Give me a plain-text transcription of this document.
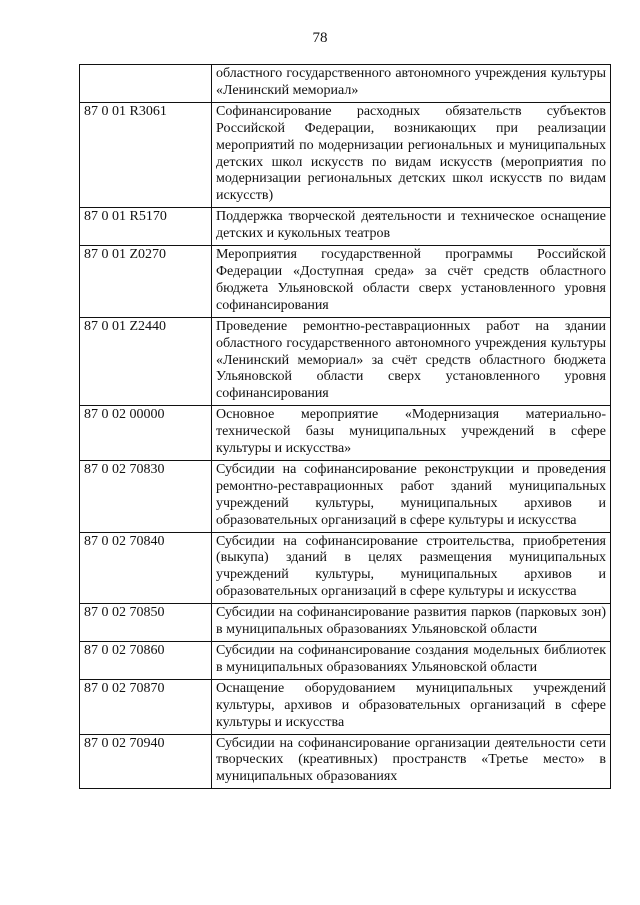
78
	областного государственного автономного учреждения культуры «Ленинский мемориал»
87 0 01 R3061	Софинансирование расходных обязательств субъектов Российской Федерации, возникающих при реализации мероприятий по модернизации региональных и муниципальных детских школ искусств по видам искусств (мероприятия по модернизации региональных детских школ искусств по видам искусств)
87 0 01 R5170	Поддержка творческой деятельности и техническое оснащение детских и кукольных театров
87 0 01 Z0270	Мероприятия государственной программы Российской Федерации «Доступная среда» за счёт средств областного бюджета Ульяновской области сверх установленного уровня софинансирования
87 0 01 Z2440	Проведение ремонтно-реставрационных работ на здании областного государственного автономного учреждения культуры «Ленинский мемориал» за счёт средств областного бюджета Ульяновской области сверх установленного уровня софинансирования
87 0 02 00000	Основное мероприятие «Модернизация материально-технической базы муниципальных учреждений в сфере культуры и искусства»
87 0 02 70830	Субсидии на софинансирование реконструкции и проведения ремонтно-реставрационных работ зданий муниципальных учреждений культуры, муниципальных архивов и образовательных организаций в сфере культуры и искусства
87 0 02 70840	Субсидии на софинансирование строительства, приобретения (выкупа) зданий в целях размещения муниципальных учреждений культуры, муниципальных архивов и образовательных организаций в сфере культуры и искусства
87 0 02 70850	Субсидии на софинансирование развития парков (парковых зон) в муниципальных образованиях Ульяновской области
87 0 02 70860	Субсидии на софинансирование создания модельных библиотек в муниципальных образованиях Ульяновской области
87 0 02 70870	Оснащение оборудованием муниципальных учреждений культуры, архивов и образовательных организаций в сфере культуры и искусства
87 0 02 70940	Субсидии на софинансирование организации деятельности сети творческих (креативных) пространств «Третье место» в муниципальных образованиях
